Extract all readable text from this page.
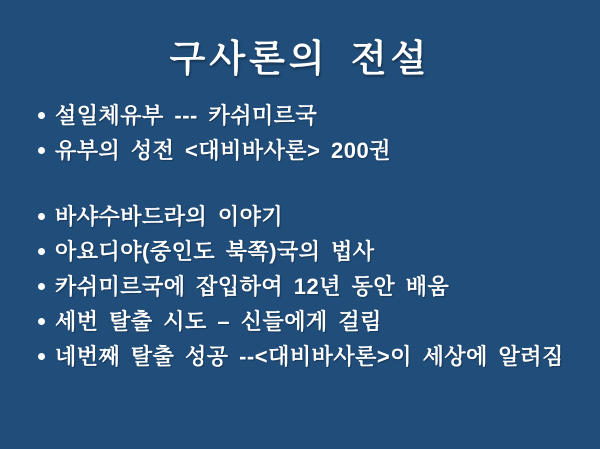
구사론의 전설
설일체유부 --- 카쉬미르국
유부의 성전 <대비바사론> 200권
바샤수바드라의 이야기
아요디야(중인도 북쪽)국의 법사
카쉬미르국에 잡입하여 12년 동안 배움
세번 탈출 시도 – 신들에게 걸림
네번째 탈출 성공 --<대비바사론>이 세상에 알려짐
